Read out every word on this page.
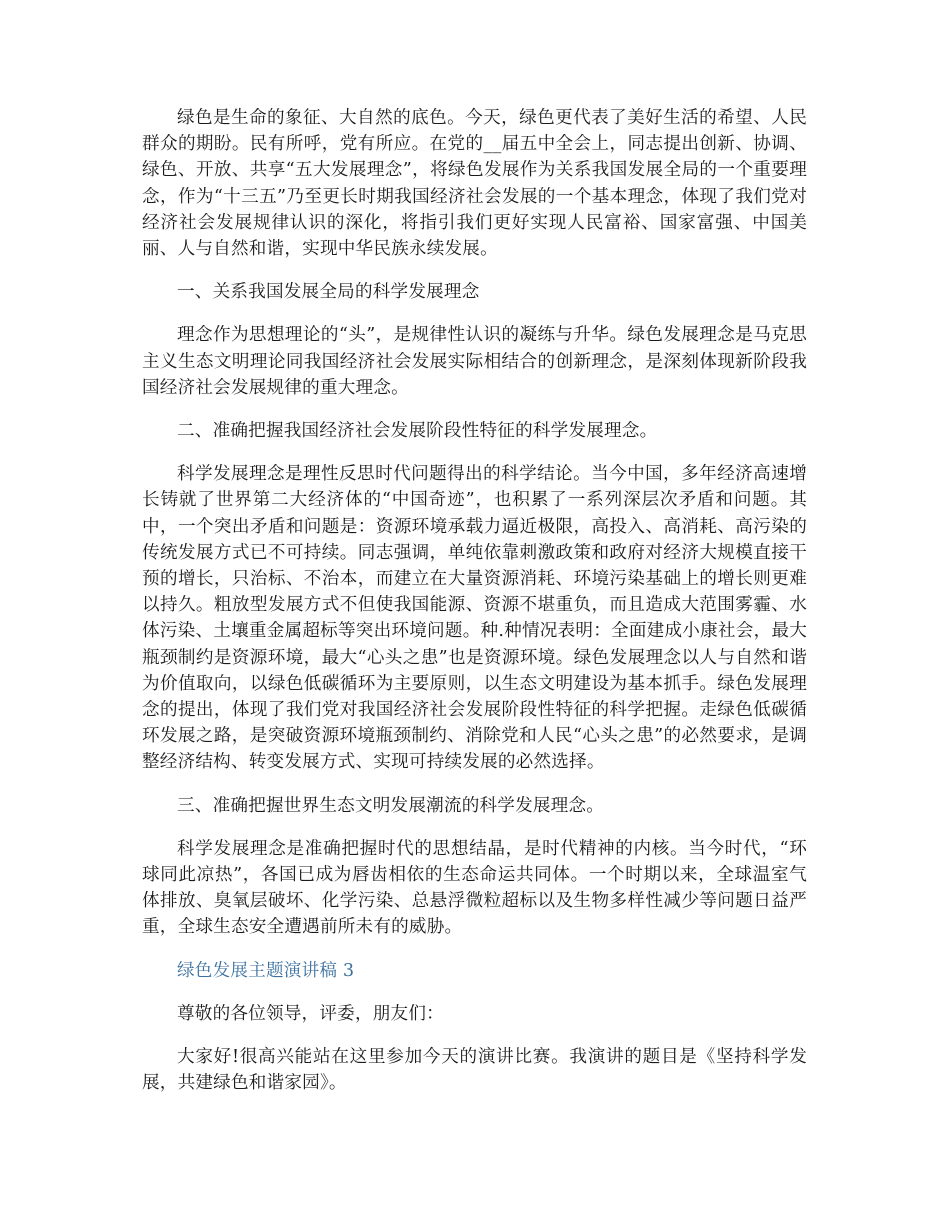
绿色是生命的象征、大自然的底色。今天，绿色更代表了美好生活的希望、人民群众的期盼。民有所呼，党有所应。在党的__届五中全会上，同志提出创新、协调、绿色、开放、共享“五大发展理念”，将绿色发展作为关系我国发展全局的一个重要理念，作为“十三五”乃至更长时期我国经济社会发展的一个基本理念，体现了我们党对经济社会发展规律认识的深化，将指引我们更好实现人民富裕、国家富强、中国美丽、人与自然和谐，实现中华民族永续发展。

一、关系我国发展全局的科学发展理念

理念作为思想理论的“头”，是规律性认识的凝练与升华。绿色发展理念是马克思主义生态文明理论同我国经济社会发展实际相结合的创新理念，是深刻体现新阶段我国经济社会发展规律的重大理念。

二、准确把握我国经济社会发展阶段性特征的科学发展理念。

科学发展理念是理性反思时代问题得出的科学结论。当今中国，多年经济高速增长铸就了世界第二大经济体的“中国奇迹”，也积累了一系列深层次矛盾和问题。其中，一个突出矛盾和问题是：资源环境承载力逼近极限，高投入、高消耗、高污染的传统发展方式已不可持续。同志强调，单纯依靠刺激政策和政府对经济大规模直接干预的增长，只治标、不治本，而建立在大量资源消耗、环境污染基础上的增长则更难以持久。粗放型发展方式不但使我国能源、资源不堪重负，而且造成大范围雾霾、水体污染、土壤重金属超标等突出环境问题。种.种情况表明：全面建成小康社会，最大瓶颈制约是资源环境，最大“心头之患”也是资源环境。绿色发展理念以人与自然和谐为价值取向，以绿色低碳循环为主要原则，以生态文明建设为基本抓手。绿色发展理念的提出，体现了我们党对我国经济社会发展阶段性特征的科学把握。走绿色低碳循环发展之路，是突破资源环境瓶颈制约、消除党和人民“心头之患”的必然要求，是调整经济结构、转变发展方式、实现可持续发展的必然选择。

三、准确把握世界生态文明发展潮流的科学发展理念。

科学发展理念是准确把握时代的思想结晶，是时代精神的内核。当今时代，“环球同此凉热”，各国已成为唇齿相依的生态命运共同体。一个时期以来，全球温室气体排放、臭氧层破坏、化学污染、总悬浮微粒超标以及生物多样性减少等问题日益严重，全球生态安全遭遇前所未有的威胁。

绿色发展主题演讲稿 3

尊敬的各位领导，评委，朋友们：

大家好!很高兴能站在这里参加今天的演讲比赛。我演讲的题目是《坚持科学发展，共建绿色和谐家园》。
